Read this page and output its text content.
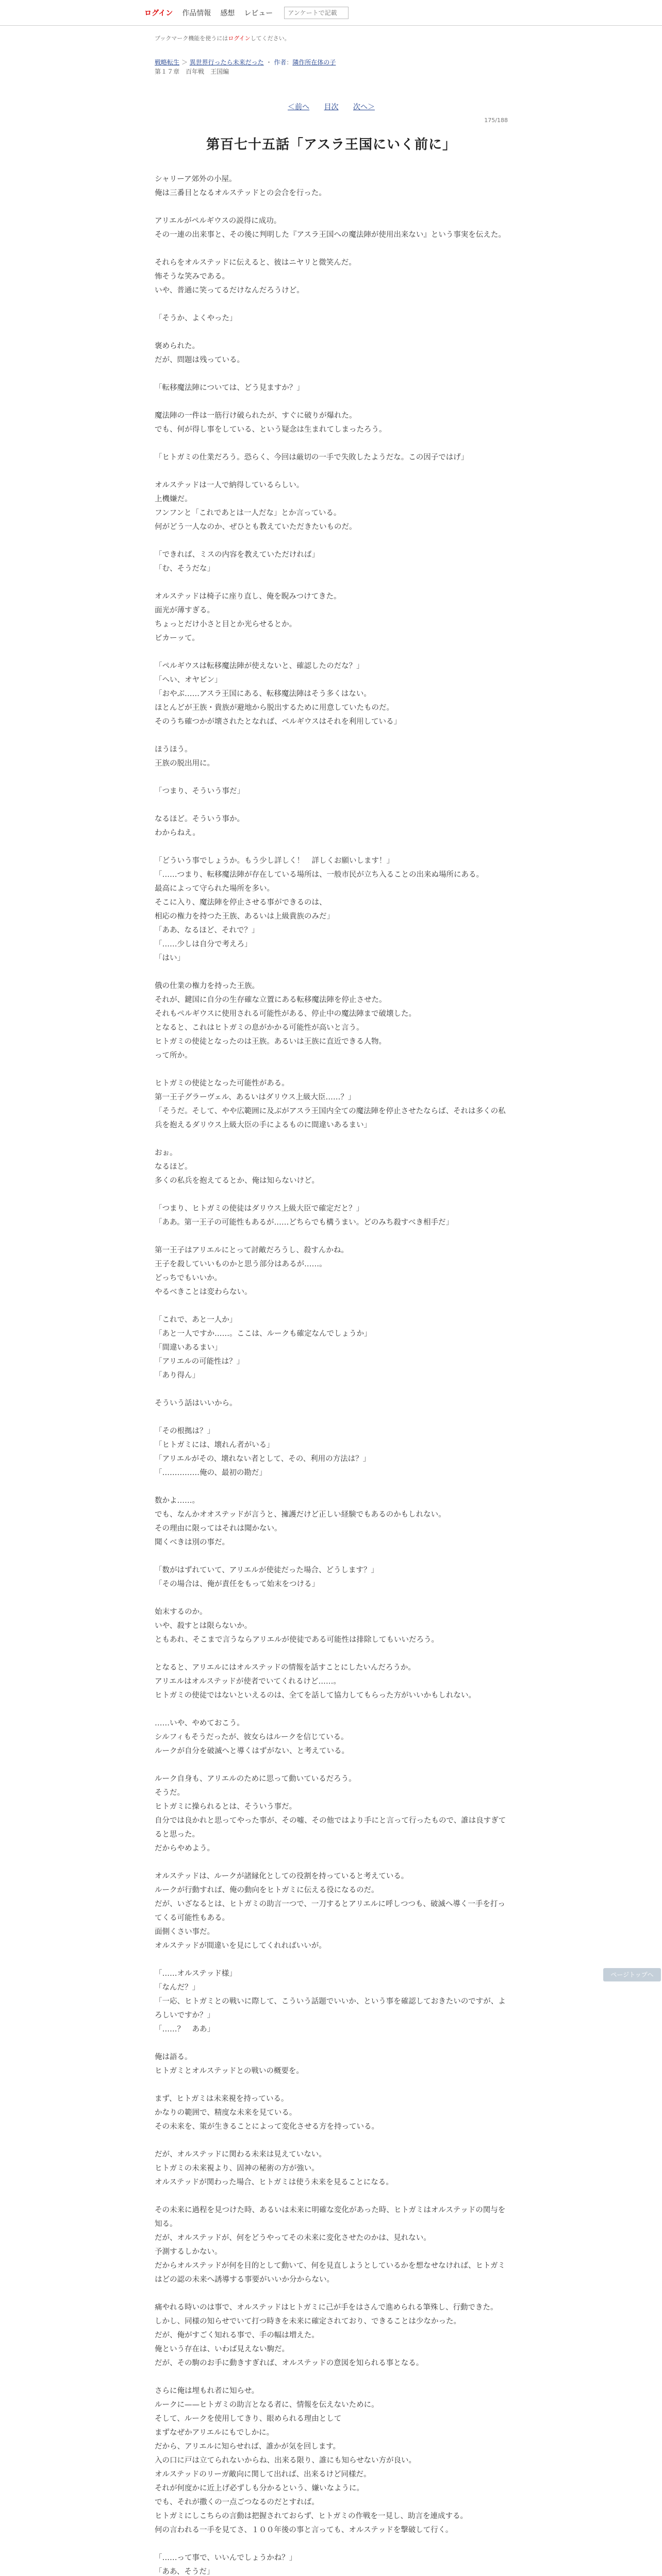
ログイン 作品情報 感想 レビュー
アンケートで記載
ブックマーク機能を使うにはログインしてください。
戦略転生 ＞ 異世界行ったら未来だった ・ 作者：隣作所在体の子
第１７章　百年戦　王国編
＜前へ 目次 次へ＞
175/188
第百七十五話「アスラ王国にいく前に」

シャリーア郊外の小屋。
俺は三番目となるオルステッドとの会合を行った。

アリエルがペルギウスの説得に成功。
その一連の出来事と、その後に判明した『アスラ王国への魔法陣が使用出来ない』という事実を伝えた。

それらをオルステッドに伝えると、彼はニヤリと微笑んだ。
怖そうな笑みである。
いや、普通に笑ってるだけなんだろうけど。

「そうか、よくやった」

褒められた。
だが、問題は残っている。

「転移魔法陣については、どう見ますか？」

魔法陣の一件は一筋行け破られたが、すぐに破りが爆れた。
でも、何が得し事をしている、という疑念は生まれてしまったろう。

「ヒトガミの仕業だろう。恐らく、今回は厳切の一手で失敗したようだな。この因子ではげ」

オルステッドは一人で納得しているらしい。
上機嫌だ。
フンフンと「これであとは一人だな」とか言っている。
何がどう一人なのか、ぜひとも教えていただきたいものだ。

「できれば、ミスの内容を教えていただければ」
「む、そうだな」

オルステッドは椅子に座り直し、俺を睨みつけてきた。
面光が薄すぎる。
ちょっとだけ小さと目とか光らせるとか。
ビカーッて。

「ペルギウスは転移魔法陣が使えないと、確認したのだな？」
「へい、オヤビン」
「おやぶ……アスラ王国にある、転移魔法陣はそう多くはない。
ほとんどが王族・貴族が避地から脱出するために用意していたものだ。
そのうち確つかが壊されたとなれば、ペルギウスはそれを利用している」

ほうほう。
王族の脱出用に。

「つまり、そういう事だ」

なるほど。そういう事か。
わからねえ。

「どういう事でしょうか。もう少し詳しく！　詳しくお願いします！」
「……つまり、転移魔法陣が存在している場所は、一般市民が立ち入ることの出来ぬ場所にある。
最高によって守られた場所を多い。
そこに入り、魔法陣を停止させる事ができるのは、
相応の権力を持つた王族、あるいは上級貴族のみだ」
「ああ、なるほど、それで？」
「……少しは自分で考えろ」
「はい」

俄の仕業の権力を持った王族。
それが、鍵国に自分の生存確な立置にある転移魔法陣を停止させた。
それもペルギウスに使用される可能性がある、停止中の魔法陣まで破壊した。
となると、これはヒトガミの息がかかる可能性が高いと言う。
ヒトガミの使徒となったのは王族。あるいは王族に直近できる人物。
って所か。

ヒトガミの使徒となった可能性がある。
第一王子グラーヴェル、あるいはダリウス上級大臣……？」
「そうだ。そして、やや広範囲に及ぶがアスラ王国内全ての魔法陣を停止させたならば、それは多くの私兵を抱えるダリウス上級大臣の手によるものに間違いあるまい」

おぉ。
なるほど。
多くの私兵を抱えてるとか、俺は知らないけど。

「つまり、ヒトガミの使徒はダリウス上級大臣で確定だと？」
「ああ。第一王子の可能性もあるが……どちらでも構うまい。どのみち殺すべき相手だ」

第一王子はアリエルにとって討敵だろうし、殺すんかね。
王子を殺していいものかと思う部分はあるが……。
どっちでもいいか。
やるべきことは変わらない。

「これで、あと一人か」
「あと一人ですか……。ここは、ルークも確定なんでしょうか」
「間違いあるまい」
「アリエルの可能性は？」
「あり得ん」

そういう話はいいから。

「その根拠は？」
「ヒトガミには、壊れん者がいる」
「アリエルがその、壊れない者として、その、利用の方法は？」
「……………俺の、最初の勘だ」

数かよ……。
でも、なんかオオステッドが言うと、擁護だけど正しい経験でもあるのかもしれない。
その理由に限ってはそれは聞かない。
聞くべきは別の事だ。

「数がはずれていて、アリエルが使徒だった場合、どうします？」
「その場合は、俺が責任をもって始末をつける」

始末するのか。
いや、殺すとは限らないか。
ともあれ、そこまで言うならアリエルが使徒である可能性は排除してもいいだろう。

となると、アリエルにはオルステッドの情報を話すことにしたいんだろうか。
アリエルはオルステッドが使者でいてくれるけど……。
ヒトガミの使徒ではないといえるのは、全てを話して協力してもらった方がいいかもしれない。

……いや、やめておこう。
シルフィもそうだったが、彼女らはルークを信じている。
ルークが自分を破滅へと導くはずがない、と考えている。

ルーク自身も、アリエルのために思って動いているだろう。
そうだ。
ヒトガミに操られるとは、そういう事だ。
自分では良かれと思ってやった事が、その嘘、その他ではより手にと言って行ったもので、誰は良すぎてると思った。
だからやめよう。

オルステッドは、ルークが諸縁化としての役割を持っていると考えている。
ルークが行動すれば、俺の動向をヒトガミに伝える役になるのだ。
だが、いざなるとは、ヒトガミの助言一つで、一刀するとアリエルに呼しつつも、破滅へ導く一手を打ってくる可能性もある。
面側くさい事だ。
オルステッドが間違いを見にしてくれればいいが。

「……オルステッド様」
「なんだ？」
「一応、ヒトガミとの戦いに際して、こういう話題でいいか、という事を確認しておきたいのですが、よろしいですか？」
「……？　ああ」

俺は語る。
ヒトガミとオルステッドとの戦いの概要を。

まず、ヒトガミは未来視を持っている。
かなりの範囲で、精度な未来を見ている。
その未来を、策が生きることによって変化させる方を持っている。

だが、オルステッドに関わる未来は見えていない。
ヒトガミの未来視より、固神の秘術の方が強い。
オルステッドが関わった場合、ヒトガミは使う未来を見ることになる。

その未来に過程を見つけた時、あるいは未来に明確な変化があった時、ヒトガミはオルステッドの関与を知る。
だが、オルステッドが、何をどうやってその未来に変化させたのかは、見れない。
予測するしかない。
だからオルステッドが何を目的として動いて、何を見直しようとしているかを想なせなければ、ヒトガミはどの認の未来へ誘導する事要がいいか分からない。

痛やれる時いのは事で、オルステッドはヒトガミに己が手をはさんで進められる筆殊し、行動できた。
しかし、同様の知らせでいて打つ時きを未来に確定されており、できることは少なかった。
だが、俺がすごく知れる事で、手の幅は増えた。
俺という存在は、いわば見えない駒だ。
だが、その駒のお手に動きすぎれば、オルステッドの意図を知られる事となる。

さらに俺は埋もれ者に知らせ。
ルークに——ヒトガミの助言となる者に、情報を伝えないために。
そして、ルークを使用してきり、眼められる理由として
まずなぜかアリエルにもでしかに。
だから、アリエルに知らせれば、誰かが気を回します。
入の口に戸は立てられないからね、出来る限り、誰にも知らせない方が良い。
オルステッドのリーガ敵向に関して出れば、出来るけど同様だ。
それが何度かに近上げ必ずしも分かるという、嫌いなように。
でも、それが撒くの一点ごつなるのだとすれば。
ヒトガミにしこちらの言動は把握されておらず、ヒトガミの作戦を一見し、助言を連成する。
何の言われる一手を見てさ、１００年後の事と言っても、オルステッドを撃破して行く。

「……って事で、いいんでしょうかね？」
「ああ、そうだ」

ページトップへ
